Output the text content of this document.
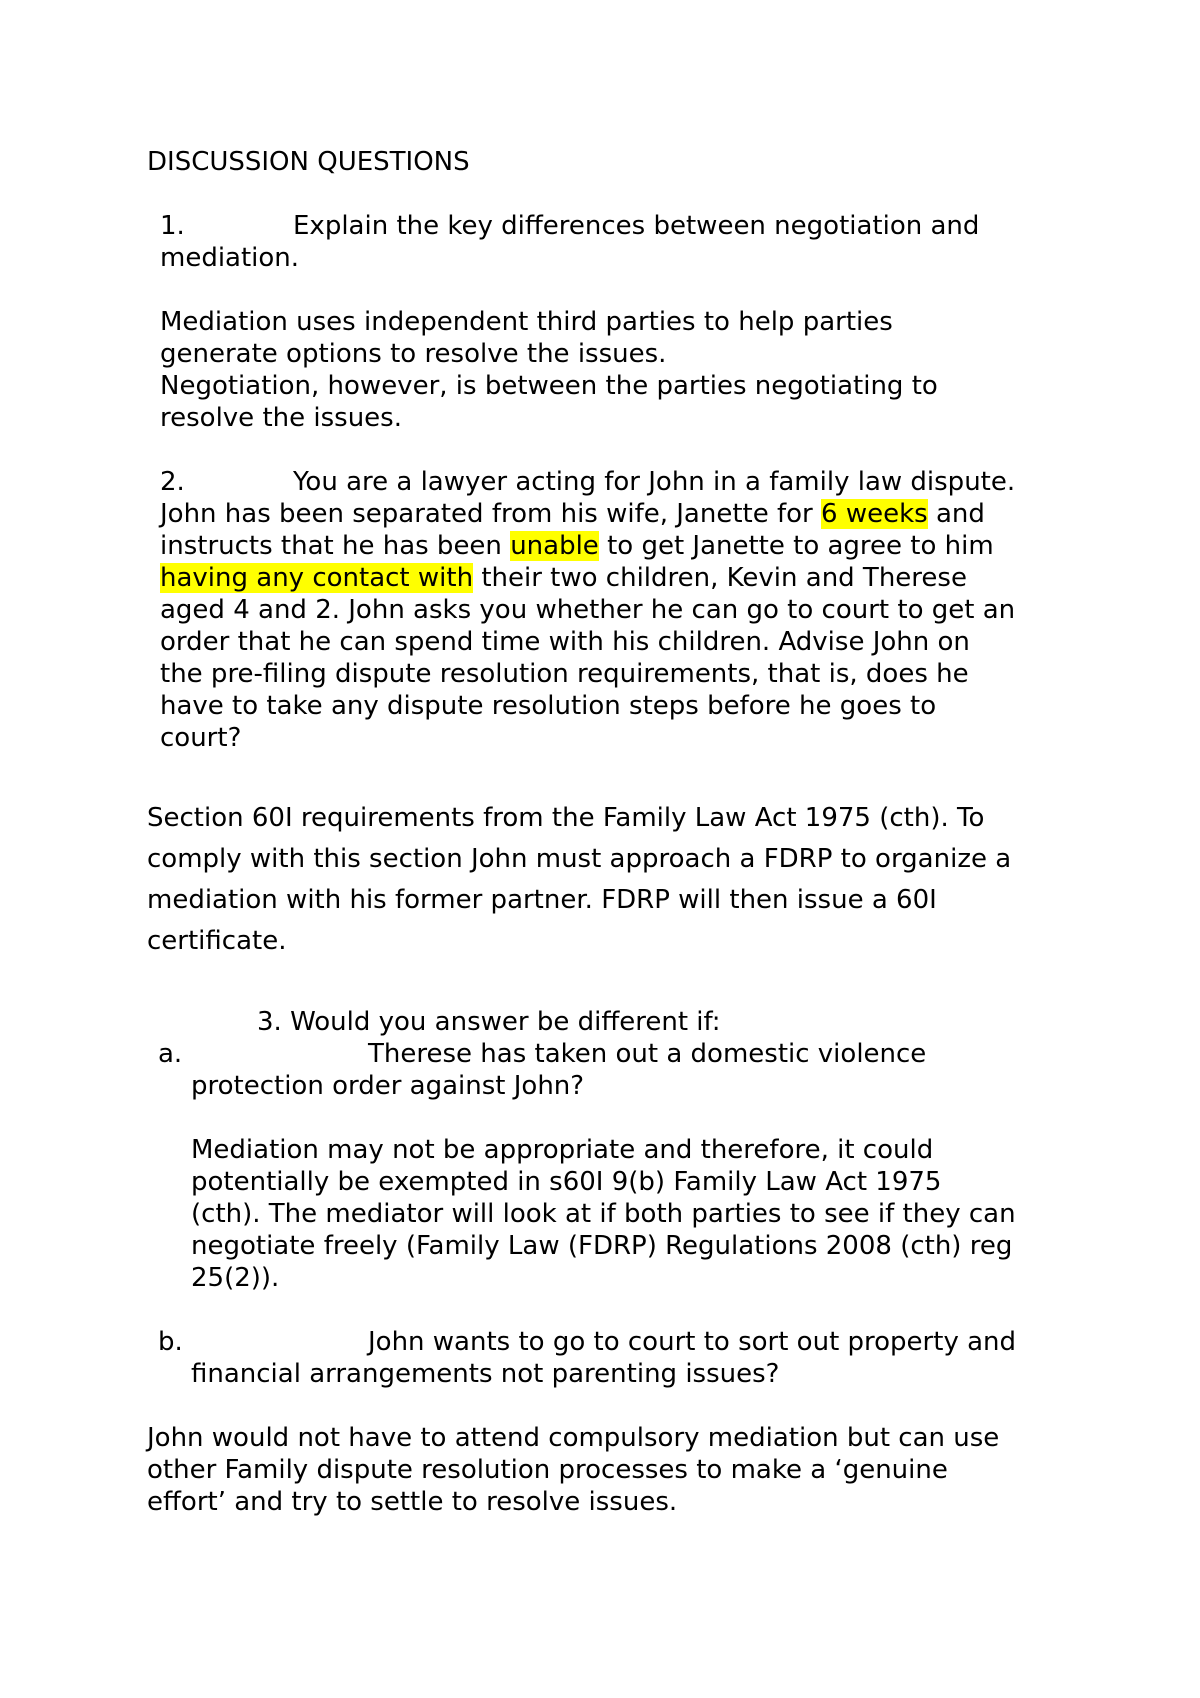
DISCUSSION QUESTIONS
1.	Explain the key differences between negotiation and
mediation.
Mediation uses independent third parties to help parties
generate options to resolve the issues.
Negotiation, however, is between the parties negotiating to
resolve the issues.
2.	You are a lawyer acting for John in a family law dispute.
John has been separated from his wife, Janette for 6 weeks and
instructs that he has been unable to get Janette to agree to him
having any contact with their two children, Kevin and Therese
aged 4 and 2. John asks you whether he can go to court to get an
order that he can spend time with his children. Advise John on
the pre-filing dispute resolution requirements, that is, does he
have to take any dispute resolution steps before he goes to
court?
Section 60I requirements from the Family Law Act 1975 (cth). To
comply with this section John must approach a FDRP to organize a
mediation with his former partner. FDRP will then issue a 60I
certificate.
3. Would you answer be different if:
a.	Therese has taken out a domestic violence
protection order against John?
Mediation may not be appropriate and therefore, it could
potentially be exempted in s60I 9(b) Family Law Act 1975
(cth). The mediator will look at if both parties to see if they can
negotiate freely (Family Law (FDRP) Regulations 2008 (cth) reg
25(2)).
b.	John wants to go to court to sort out property and
financial arrangements not parenting issues?
John would not have to attend compulsory mediation but can use
other Family dispute resolution processes to make a ‘genuine
effort’ and try to settle to resolve issues.
